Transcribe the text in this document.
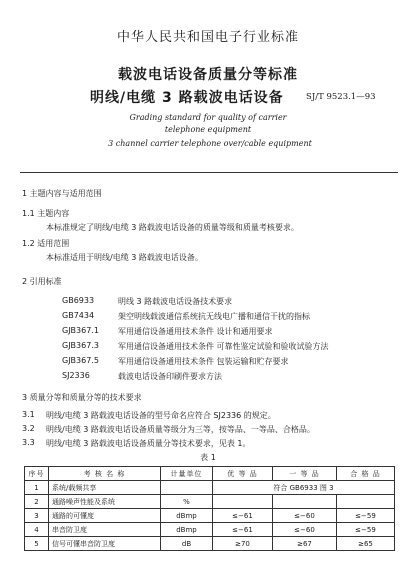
中华人民共和国电子行业标准
载波电话设备质量分等标准
明线/电缆 3 路载波电话设备	SJ/T 9523.1—93
Grading standard for quality of carrier
telephone equipment
3 channel carrier telephone over/cable equipment
1 主题内容与适用范围
1.1 主题内容
本标准规定了明线/电缆 3 路载波电话设备的质量等级和质量考核要求。
1.2 适用范围
本标准适用于明线/电缆 3 路载波电话设备。
2 引用标准
GB6933	明线 3 路载波电话设备技术要求
GB7434	架空明线载波通信系统抗无线电广播和通信干扰的指标
GJB367.1 军用通信设备通用技术条件 设计和通用要求
GJB367.3 军用通信设备通用技术条件 可靠性鉴定试验和验收试验方法
GJB367.5 军用通信设备通用技术条件 包装运输和贮存要求
SJ2336	载波电话设备印刷件要求方法
3 质量分等和质量分等的技术要求
3.1 明线/电缆 3 路载波电话设备的型号命名应符合 SJ2336 的规定。
3.2 明线/电缆 3 路载波电话设备质量等级分为三等，按等品、一等品、合格品。
3.3 明线/电缆 3 路载波电话设备质量分等技术要求，见表 1。
表 1
序号	考 核 名 称	计量单位	优 等 品	一 等 品	合 格 品
1	系统/载频共享		符合 GB6933 图 3		
2	通路噪声性能及系统	%			
3	通路的可懂度	dBmp	≤−61	≤−60	≤−59
4	串音防卫度	dBmp	≤−61	≤−60	≤−59
5	信号可懂串音防卫度	dB	≥70	≥67	≥65
